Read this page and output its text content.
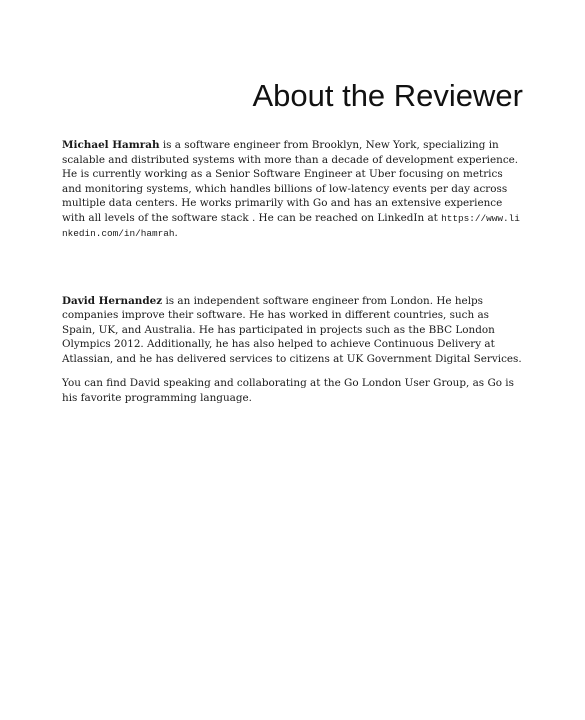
About the Reviewer

Michael Hamrah is a software engineer from Brooklyn, New York, specializing in scalable and distributed systems with more than a decade of development experience. He is currently working as a Senior Software Engineer at Uber focusing on metrics and monitoring systems, which handles billions of low-latency events per day across multiple data centers. He works primarily with Go and has an extensive experience with all levels of the software stack . He can be reached on LinkedIn at https://www.linkedin.com/in/hamrah.

David Hernandez is an independent software engineer from London. He helps companies improve their software. He has worked in different countries, such as Spain, UK, and Australia. He has participated in projects such as the BBC London Olympics 2012. Additionally, he has also helped to achieve Continuous Delivery at Atlassian, and he has delivered services to citizens at UK Government Digital Services.

You can find David speaking and collaborating at the Go London User Group, as Go is his favorite programming language.
